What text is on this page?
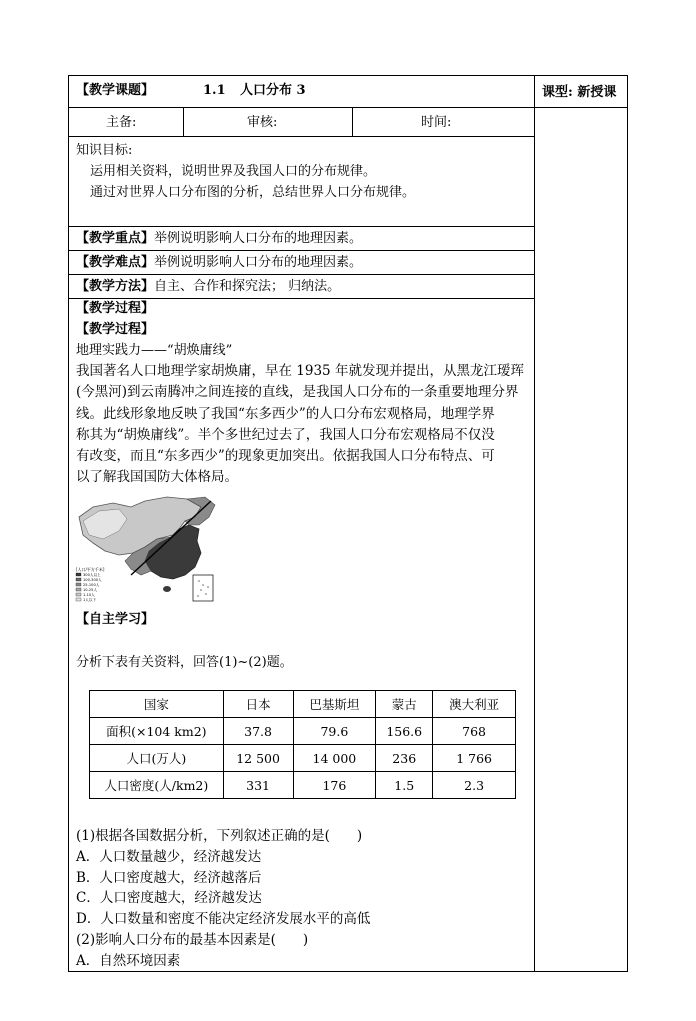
【教学课题】	1.1 人口分布 3	课型: 新授课
主备:	审核:	时间:
知识目标:
运用相关资料，说明世界及我国人口的分布规律。
通过对世界人口分布图的分析，总结世界人口分布规律。
【教学重点】举例说明影响人口分布的地理因素。
【教学难点】举例说明影响人口分布的地理因素。
【教学方法】自主、合作和探究法； 归纳法。
【教学过程】
【教学过程】
地理实践力——“胡焕庸线”
我国著名人口地理学家胡焕庸，早在 1935 年就发现并提出，从黑龙江瑷珲
(今黑河)到云南腾冲之间连接的直线，是我国人口分布的一条重要地理分界
线。此线形象地反映了我国“东多西少”的人口分布宏观格局，地理学界
称其为“胡焕庸线”。半个多世纪过去了，我国人口分布宏观格局不仅没
有改变，而且“东多西少”的现象更加突出。依据我国人口分布特点、可
以了解我国国防大体格局。
[人口/平方千米]
300人以上
100-300人
25-100人
10-25人
1-10人
1人以下
【自主学习】
分析下表有关资料，回答(1)~(2)题。
国家	日本	巴基斯坦	蒙古	澳大利亚
面积(×104 km2)	37.8	79.6	156.6	768
人口(万人)	12 500	14 000	236	1 766
人口密度(人/km2)	331	176	1.5	2.3
(1)根据各国数据分析，下列叙述正确的是(　　)
A．人口数量越少，经济越发达
B．人口密度越大，经济越落后
C．人口密度越大，经济越发达
D．人口数量和密度不能决定经济发展水平的高低
(2)影响人口分布的最基本因素是(　　)
A．自然环境因素
